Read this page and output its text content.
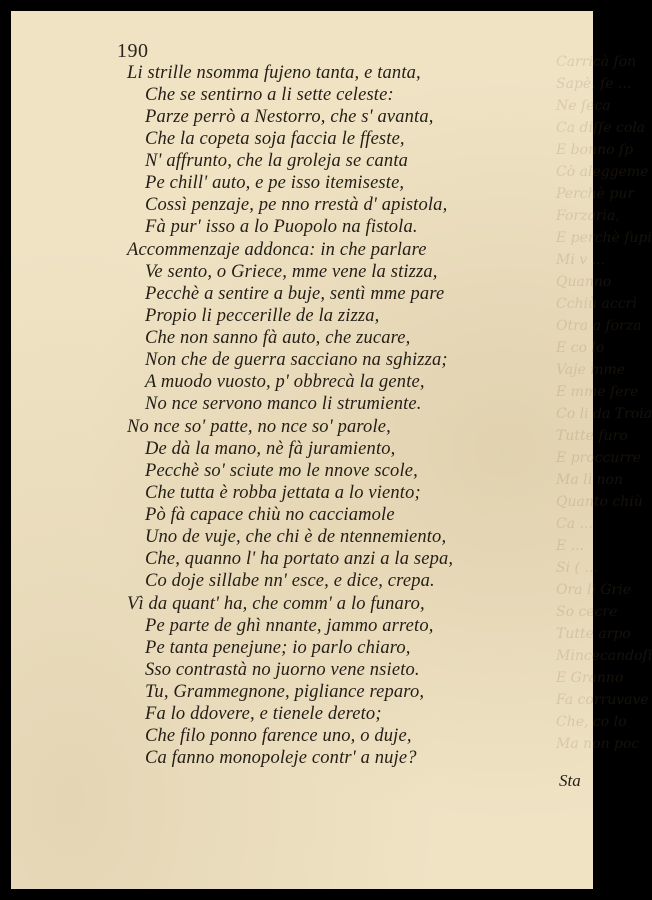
Carricà ſon
Sapè, ſe ...
Ne ſeca
Ca diſſe cola
E bonno ſp
Cò aleggeme
Perchè pur
Forzaria,
E perchè ſupi
Mi v ...
Quanno
Cchiù accrì
Otra a forza
E co lo
Vaje mme
E mme ſere
Co li da Troia
Tutte furo
E proccurre
Ma lì non
Quanto chiù
Ca ...
E ...
Si ( ...
Ora li Grie
So cecre
Tutte arpo
Mincecandoſi
E Granno
Fa corruvave
Che, co lo
Ma non poc
190
Li strille nsomma fujeno tanta, e tanta,
Che se sentirno a li sette celeste:
Parze perrò a Nestorro, che s' avanta,
Che la copeta soja faccia le ffeste,
N' affrunto, che la groleja se canta
Pe chill' auto, e pe isso itemiseste,
Cossì penzaje, pe nno rrestà d' apistola,
Fà pur' isso a lo Puopolo na fistola.
Accommenzaje addonca: in che parlare
Ve sento, o Griece, mme vene la stizza,
Pecchè a sentire a buje, sentì mme pare
Propio li peccerille de la zizza,
Che non sanno fà auto, che zucare,
Non che de guerra sacciano na sghizza;
A muodo vuosto, p' obbrecà la gente,
No nce servono manco li strumiente.
No nce so' patte, no nce so' parole,
De dà la mano, nè fà juramiento,
Pecchè so' sciute mo le nnove scole,
Che tutta è robba jettata a lo viento;
Pò fà capace chiù no cacciamole
Uno de vuje, che chi è de ntennemiento,
Che, quanno l' ha portato anzi a la sepa,
Co doje sillabe nn' esce, e dice, crepa.
Vì da quant' ha, che comm' a lo funaro,
Pe parte de ghì nnante, jammo arreto,
Pe tanta penejune; io parlo chiaro,
Sso contrastà no juorno vene nsieto.
Tu, Grammegnone, pigliance reparo,
Fa lo ddovere, e tienele dereto;
Che filo ponno farence uno, o duje,
Ca fanno monopoleje contr' a nuje?
Sta
